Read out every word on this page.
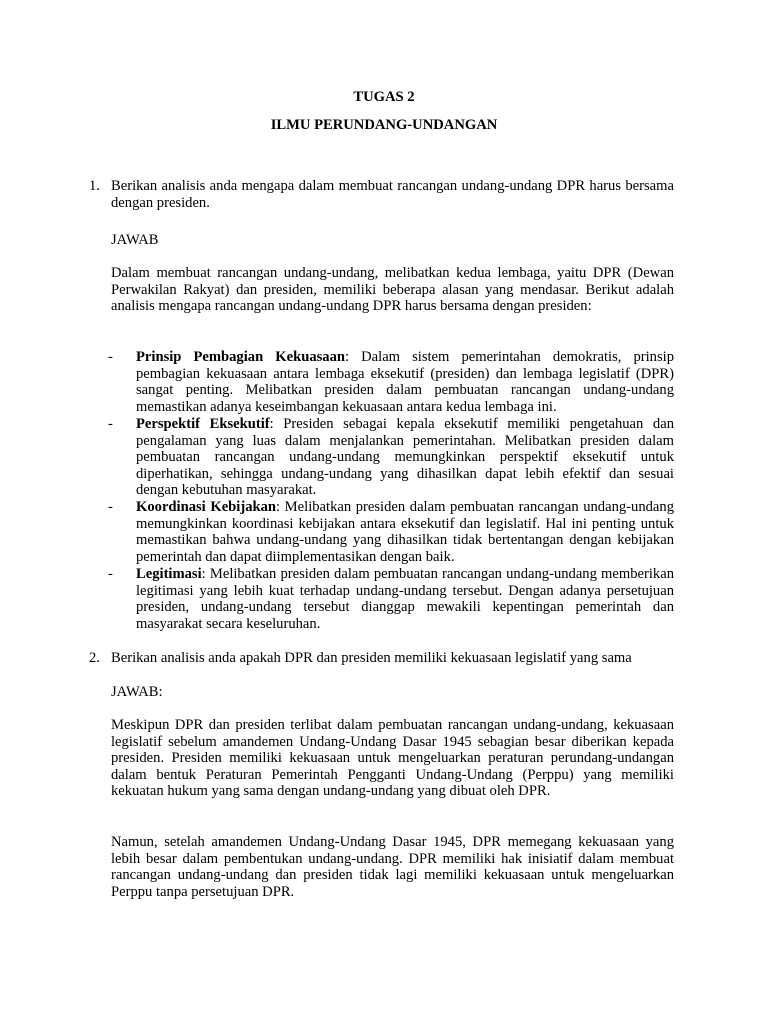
TUGAS 2
ILMU PERUNDANG-UNDANGAN
1. Berikan analisis anda mengapa dalam membuat rancangan undang-undang DPR harus bersama dengan presiden.
JAWAB
Dalam membuat rancangan undang-undang, melibatkan kedua lembaga, yaitu DPR (Dewan Perwakilan Rakyat) dan presiden, memiliki beberapa alasan yang mendasar. Berikut adalah analisis mengapa rancangan undang-undang DPR harus bersama dengan presiden:
- Prinsip Pembagian Kekuasaan: Dalam sistem pemerintahan demokratis, prinsip pembagian kekuasaan antara lembaga eksekutif (presiden) dan lembaga legislatif (DPR) sangat penting. Melibatkan presiden dalam pembuatan rancangan undang-undang memastikan adanya keseimbangan kekuasaan antara kedua lembaga ini.
- Perspektif Eksekutif: Presiden sebagai kepala eksekutif memiliki pengetahuan dan pengalaman yang luas dalam menjalankan pemerintahan. Melibatkan presiden dalam pembuatan rancangan undang-undang memungkinkan perspektif eksekutif untuk diperhatikan, sehingga undang-undang yang dihasilkan dapat lebih efektif dan sesuai dengan kebutuhan masyarakat.
- Koordinasi Kebijakan: Melibatkan presiden dalam pembuatan rancangan undang-undang memungkinkan koordinasi kebijakan antara eksekutif dan legislatif. Hal ini penting untuk memastikan bahwa undang-undang yang dihasilkan tidak bertentangan dengan kebijakan pemerintah dan dapat diimplementasikan dengan baik.
- Legitimasi: Melibatkan presiden dalam pembuatan rancangan undang-undang memberikan legitimasi yang lebih kuat terhadap undang-undang tersebut. Dengan adanya persetujuan presiden, undang-undang tersebut dianggap mewakili kepentingan pemerintah dan masyarakat secara keseluruhan.
2. Berikan analisis anda apakah DPR dan presiden memiliki kekuasaan legislatif yang sama
JAWAB:
Meskipun DPR dan presiden terlibat dalam pembuatan rancangan undang-undang, kekuasaan legislatif sebelum amandemen Undang-Undang Dasar 1945 sebagian besar diberikan kepada presiden. Presiden memiliki kekuasaan untuk mengeluarkan peraturan perundang-undangan dalam bentuk Peraturan Pemerintah Pengganti Undang-Undang (Perppu) yang memiliki kekuatan hukum yang sama dengan undang-undang yang dibuat oleh DPR.
Namun, setelah amandemen Undang-Undang Dasar 1945, DPR memegang kekuasaan yang lebih besar dalam pembentukan undang-undang. DPR memiliki hak inisiatif dalam membuat rancangan undang-undang dan presiden tidak lagi memiliki kekuasaan untuk mengeluarkan Perppu tanpa persetujuan DPR.
